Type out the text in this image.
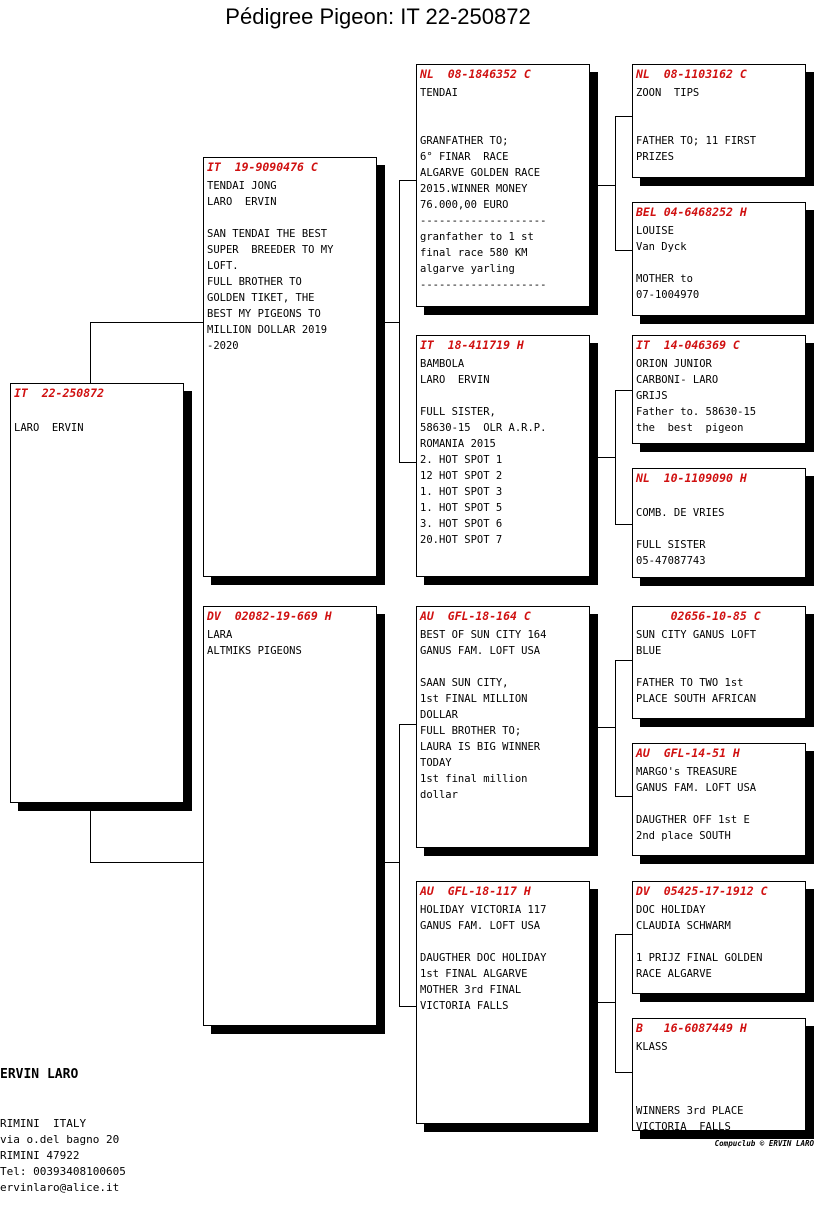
Pédigree Pigeon: IT 22-250872
IT  22-250872

LARO  ERVIN
IT  19-9090476 C
TENDAI JONG
LARO  ERVIN

SAN TENDAI THE BEST
SUPER  BREEDER TO MY
LOFT.
FULL BROTHER TO
GOLDEN TIKET, THE
BEST MY PIGEONS TO
MILLION DOLLAR 2019
-2020
DV  02082-19-669 H
LARA
ALTMIKS PIGEONS
NL  08-1846352 C
TENDAI

GRANFATHER TO;
6° FINAR  RACE
ALGARVE GOLDEN RACE
2015.WINNER MONEY
76.000,00 EURO
--------------------
granfather to 1 st
final race 580 KM
algarve yarling
--------------------
IT  18-411719 H
BAMBOLA
LARO  ERVIN

FULL SISTER,
58630-15  OLR A.R.P.
ROMANIA 2015
2. HOT SPOT 1
12 HOT SPOT 2
1. HOT SPOT 3
1. HOT SPOT 5
3. HOT SPOT 6
20.HOT SPOT 7
AU  GFL-18-164 C
BEST OF SUN CITY 164
GANUS FAM. LOFT USA

SAAN SUN CITY,
1st FINAL MILLION
DOLLAR
FULL BROTHER TO;
LAURA IS BIG WINNER
TODAY
1st final million
dollar
AU  GFL-18-117 H
HOLIDAY VICTORIA 117
GANUS FAM. LOFT USA

DAUGTHER DOC HOLIDAY
1st FINAL ALGARVE
MOTHER 3rd FINAL
VICTORIA FALLS
NL  08-1103162 C
ZOON  TIPS

FATHER TO; 11 FIRST
PRIZES
BEL 04-6468252 H
LOUISE
Van Dyck

MOTHER to
07-1004970
IT  14-046369 C
ORION JUNIOR
CARBONI- LARO
GRIJS
Father to. 58630-15
the  best  pigeon
NL  10-1109090 H

COMB. DE VRIES

FULL SISTER
05-47087743
02656-10-85 C
SUN CITY GANUS LOFT
BLUE

FATHER TO TWO 1st
PLACE SOUTH AFRICAN
AU  GFL-14-51 H
MARGO's TREASURE
GANUS FAM. LOFT USA

DAUGTHER OFF 1st E
2nd place SOUTH
DV  05425-17-1912 C
DOC HOLIDAY
CLAUDIA SCHWARM

1 PRIJZ FINAL GOLDEN
RACE ALGARVE
B   16-6087449 H
KLASS

WINNERS 3rd PLACE
VICTORIA  FALLS

ERVIN LARO

RIMINI  ITALY
via o.del bagno 20
RIMINI 47922
Tel: 00393408100605
ervinlaro@alice.it

Compuclub © ERVIN LARO
